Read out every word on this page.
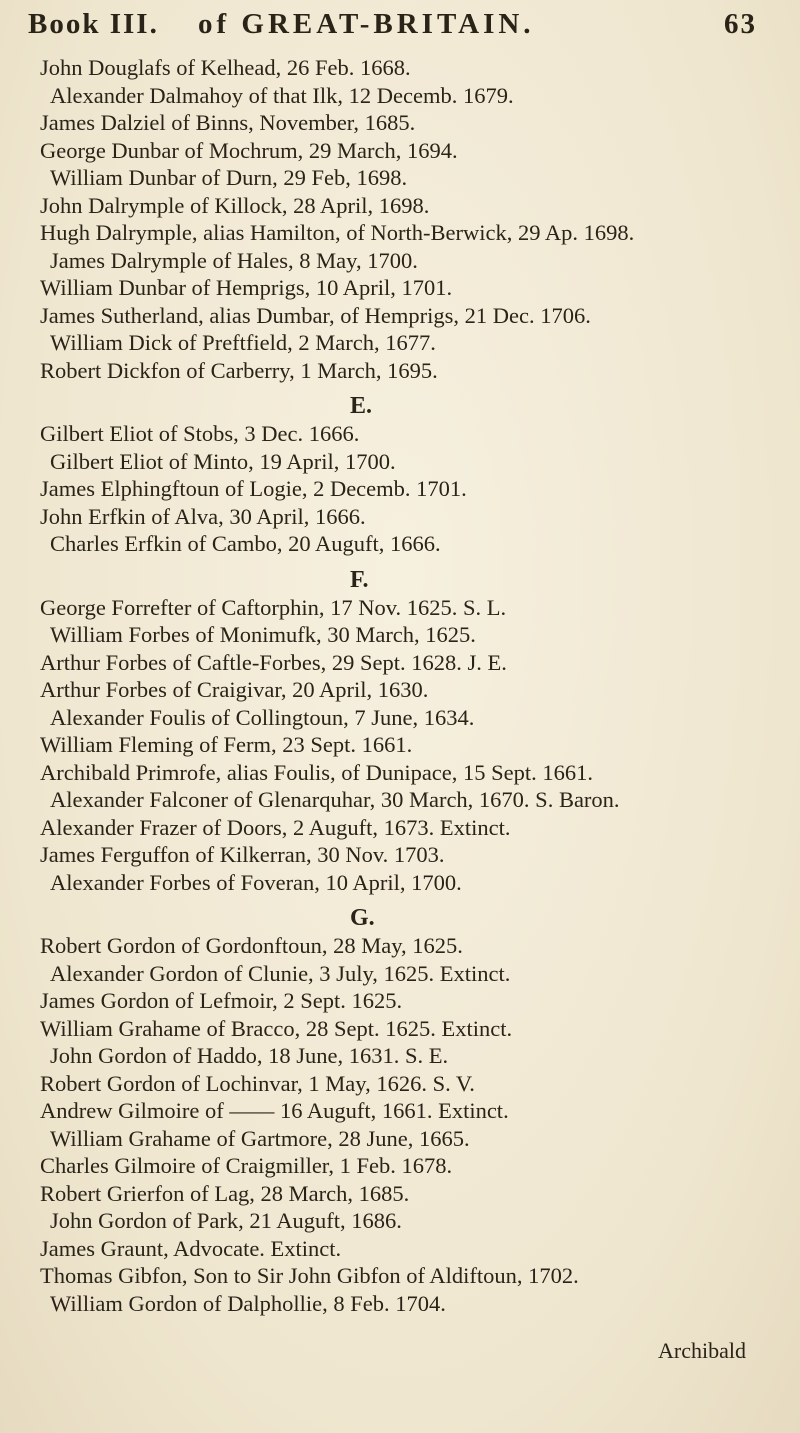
Book III. of GREAT-BRITAIN.	63
John Douglafs of Kelhead, 26 Feb. 1668.
Alexander Dalmahoy of that Ilk, 12 Decemb. 1679.
James Dalziel of Binns, November, 1685.
George Dunbar of Mochrum, 29 March, 1694.
William Dunbar of Durn, 29 Feb, 1698.
John Dalrymple of Killock, 28 April, 1698.
Hugh Dalrymple, alias Hamilton, of North-Berwick, 29 Ap. 1698.
James Dalrymple of Hales, 8 May, 1700.
William Dunbar of Hemprigs, 10 April, 1701.
James Sutherland, alias Dumbar, of Hemprigs, 21 Dec. 1706.
William Dick of Preftfield, 2 March, 1677.
Robert Dickfon of Carberry, 1 March, 1695.
E.
Gilbert Eliot of Stobs, 3 Dec. 1666.
Gilbert Eliot of Minto, 19 April, 1700.
James Elphingftoun of Logie, 2 Decemb. 1701.
John Erfkin of Alva, 30 April, 1666.
Charles Erfkin of Cambo, 20 Auguft, 1666.
F.
George Forrefter of Caftorphin, 17 Nov. 1625. S. L.
William Forbes of Monimufk, 30 March, 1625.
Arthur Forbes of Caftle-Forbes, 29 Sept. 1628. J. E.
Arthur Forbes of Craigivar, 20 April, 1630.
Alexander Foulis of Collingtoun, 7 June, 1634.
William Fleming of Ferm, 23 Sept. 1661.
Archibald Primrofe, alias Foulis, of Dunipace, 15 Sept. 1661.
Alexander Falconer of Glenarquhar, 30 March, 1670. S. Baron.
Alexander Frazer of Doors, 2 Auguft, 1673. Extinct.
James Ferguffon of Kilkerran, 30 Nov. 1703.
Alexander Forbes of Foveran, 10 April, 1700.
G.
Robert Gordon of Gordonftoun, 28 May, 1625.
Alexander Gordon of Clunie, 3 July, 1625. Extinct.
James Gordon of Lefmoir, 2 Sept. 1625.
William Grahame of Bracco, 28 Sept. 1625. Extinct.
John Gordon of Haddo, 18 June, 1631. S. E.
Robert Gordon of Lochinvar, 1 May, 1626. S. V.
Andrew Gilmoire of —— 16 Auguft, 1661. Extinct.
William Grahame of Gartmore, 28 June, 1665.
Charles Gilmoire of Craigmiller, 1 Feb. 1678.
Robert Grierfon of Lag, 28 March, 1685.
John Gordon of Park, 21 Auguft, 1686.
James Graunt, Advocate. Extinct.
Thomas Gibfon, Son to Sir John Gibfon of Aldiftoun, 1702.
William Gordon of Dalphollie, 8 Feb. 1704.
Archibald
